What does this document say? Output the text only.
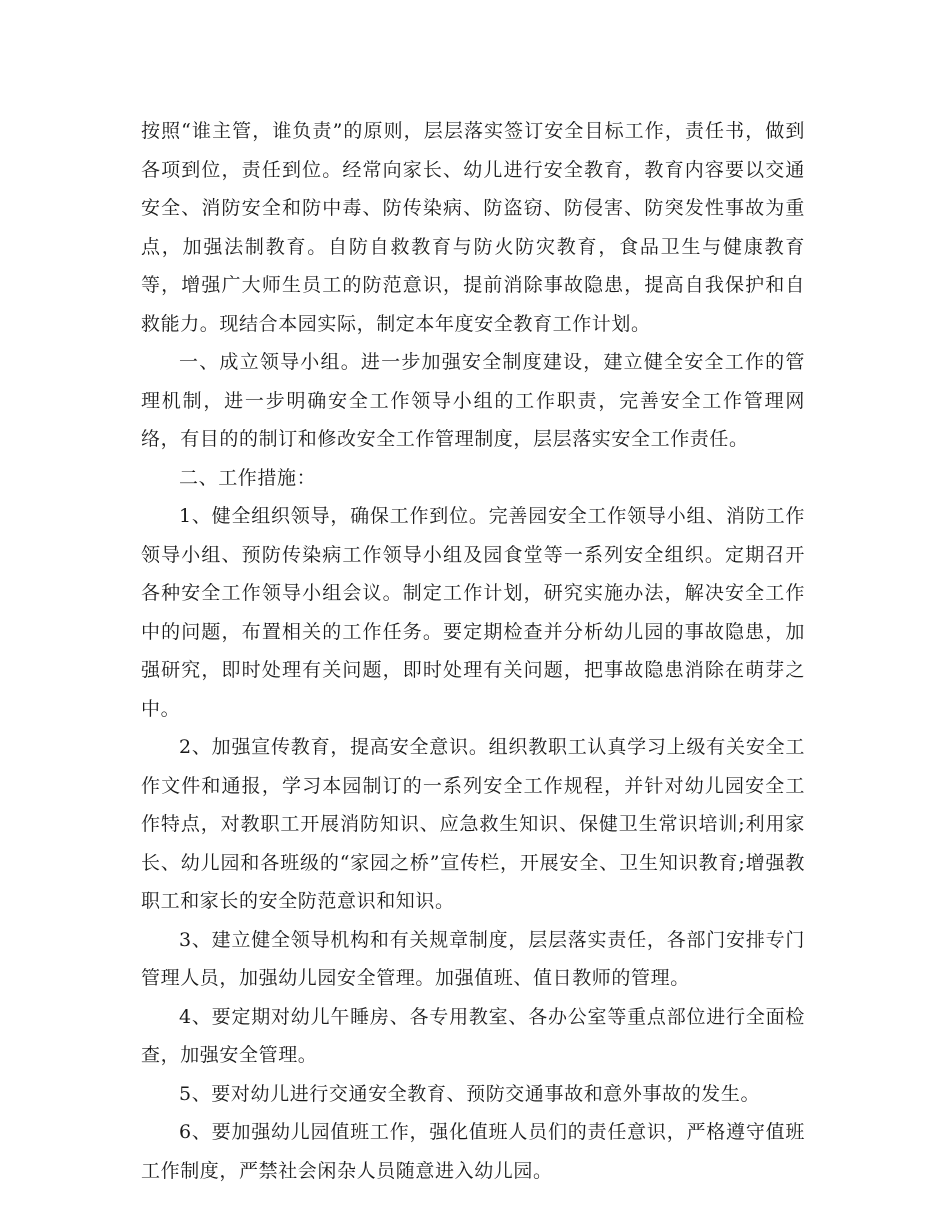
按照“谁主管，谁负责”的原则，层层落实签订安全目标工作，责任书，做到各项到位，责任到位。经常向家长、幼儿进行安全教育，教育内容要以交通安全、消防安全和防中毒、防传染病、防盗窃、防侵害、防突发性事故为重点，加强法制教育。自防自救教育与防火防灾教育，食品卫生与健康教育等，增强广大师生员工的防范意识，提前消除事故隐患，提高自我保护和自救能力。现结合本园实际，制定本年度安全教育工作计划。

一、成立领导小组。进一步加强安全制度建设，建立健全安全工作的管理机制，进一步明确安全工作领导小组的工作职责，完善安全工作管理网络，有目的的制订和修改安全工作管理制度，层层落实安全工作责任。

二、工作措施：

1、健全组织领导，确保工作到位。完善园安全工作领导小组、消防工作领导小组、预防传染病工作领导小组及园食堂等一系列安全组织。定期召开各种安全工作领导小组会议。制定工作计划，研究实施办法，解决安全工作中的问题，布置相关的工作任务。要定期检查并分析幼儿园的事故隐患，加强研究，即时处理有关问题，即时处理有关问题，把事故隐患消除在萌芽之中。

2、加强宣传教育，提高安全意识。组织教职工认真学习上级有关安全工作文件和通报，学习本园制订的一系列安全工作规程，并针对幼儿园安全工作特点，对教职工开展消防知识、应急救生知识、保健卫生常识培训;利用家长、幼儿园和各班级的“家园之桥”宣传栏，开展安全、卫生知识教育;增强教职工和家长的安全防范意识和知识。

3、建立健全领导机构和有关规章制度，层层落实责任，各部门安排专门管理人员，加强幼儿园安全管理。加强值班、值日教师的管理。

4、要定期对幼儿午睡房、各专用教室、各办公室等重点部位进行全面检查，加强安全管理。

5、要对幼儿进行交通安全教育、预防交通事故和意外事故的发生。

6、要加强幼儿园值班工作，强化值班人员们的责任意识，严格遵守值班工作制度，严禁社会闲杂人员随意进入幼儿园。
